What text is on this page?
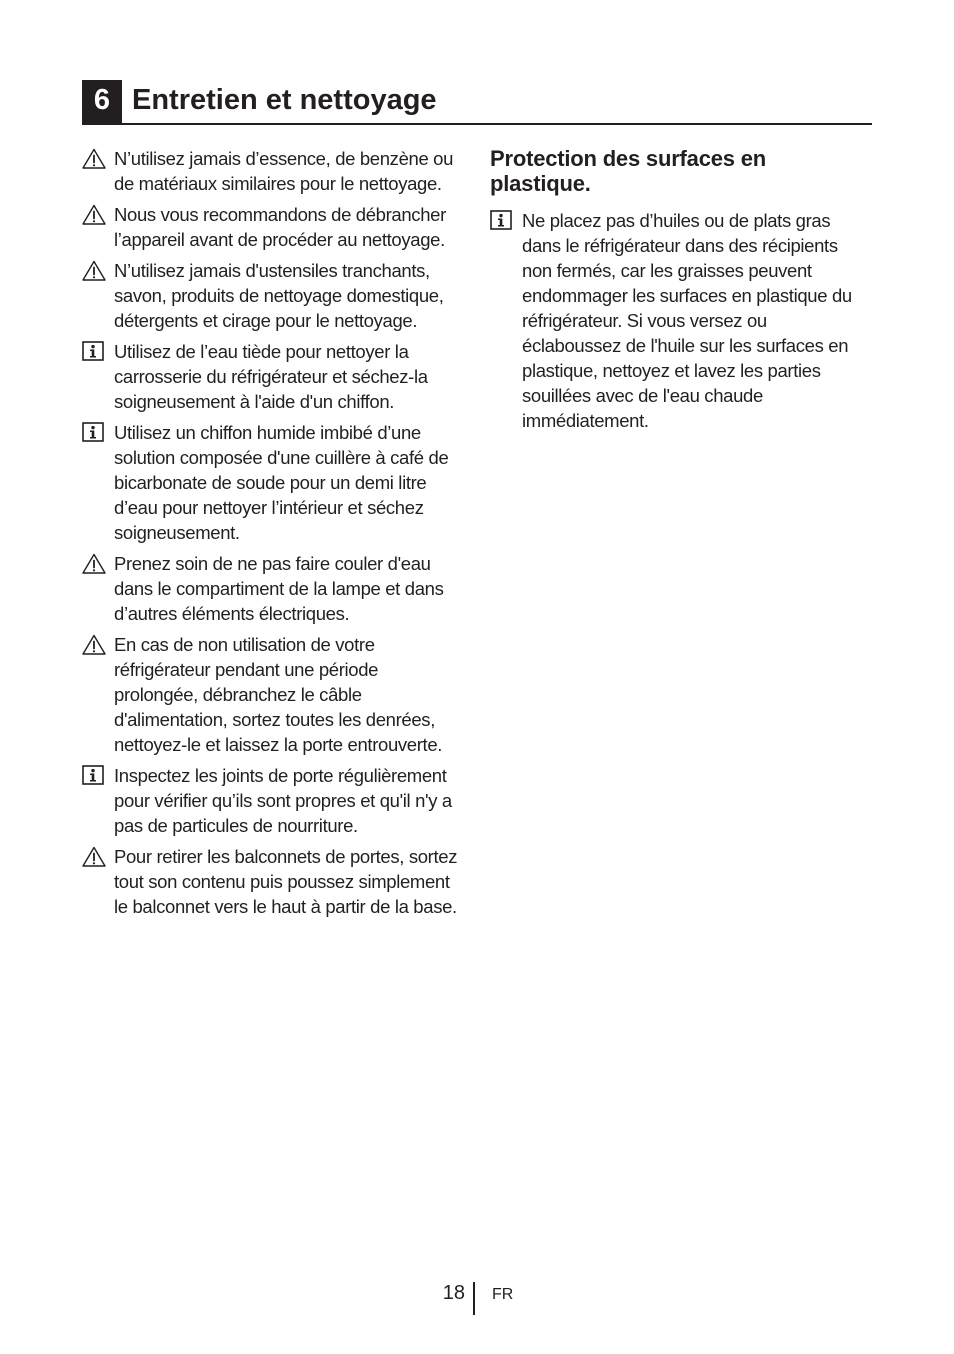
6 Entretien et nettoyage
N’utilisez jamais d’essence, de benzène ou de matériaux similaires pour le nettoyage.
Nous vous recommandons de débrancher l’appareil avant de procéder au nettoyage.
N’utilisez jamais d'ustensiles tranchants, savon, produits de nettoyage domestique, détergents et cirage pour le nettoyage.
Utilisez de l’eau tiède pour nettoyer la carrosserie du réfrigérateur et séchez-la soigneusement à l'aide d'un chiffon.
Utilisez un chiffon humide imbibé d’une solution composée d'une cuillère à café de bicarbonate de soude pour un demi litre d’eau pour nettoyer l’intérieur et séchez soigneusement.
Prenez soin de ne pas faire couler d'eau dans le compartiment de la lampe et dans d’autres éléments électriques.
En cas de non utilisation de votre réfrigérateur pendant une période prolongée, débranchez le câble d'alimentation, sortez toutes les denrées, nettoyez-le et laissez la porte entrouverte.
Inspectez les joints de porte régulièrement pour vérifier qu’ils sont propres et qu'il n'y a pas de particules de nourriture.
Pour retirer les balconnets de portes, sortez tout son contenu puis poussez simplement le balconnet vers le haut à partir de la base.
Protection des surfaces en plastique.
Ne placez pas d’huiles ou de plats gras dans le réfrigérateur dans des récipients non fermés, car les graisses peuvent endommager les surfaces en plastique du réfrigérateur. Si vous versez ou éclaboussez de l'huile sur les surfaces en plastique, nettoyez et lavez les parties souillées avec de l'eau chaude immédiatement.
18 FR
